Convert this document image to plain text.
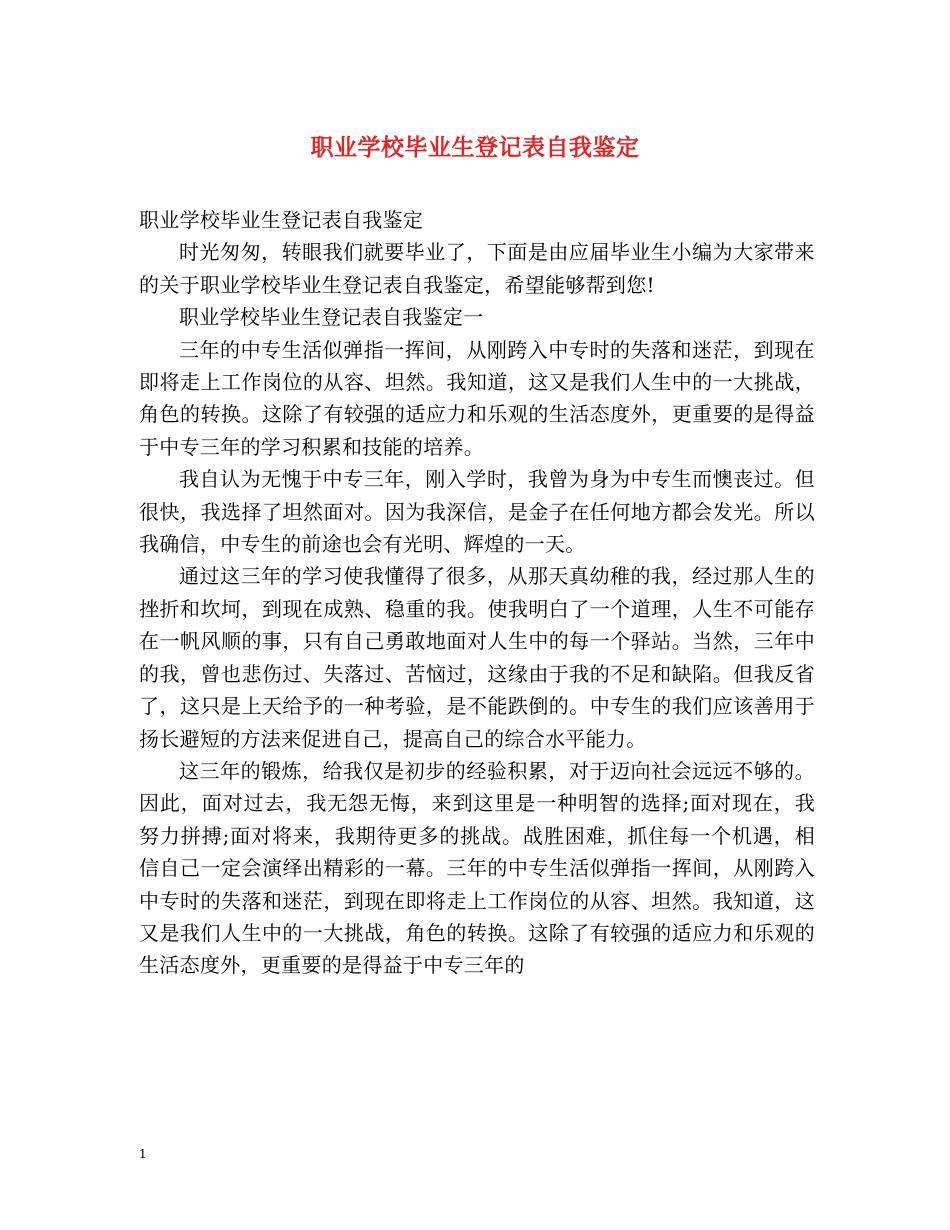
职业学校毕业生登记表自我鉴定

职业学校毕业生登记表自我鉴定

时光匆匆，转眼我们就要毕业了，下面是由应届毕业生小编为大家带来的关于职业学校毕业生登记表自我鉴定，希望能够帮到您!

职业学校毕业生登记表自我鉴定一

三年的中专生活似弹指一挥间，从刚跨入中专时的失落和迷茫，到现在即将走上工作岗位的从容、坦然。我知道，这又是我们人生中的一大挑战，角色的转换。这除了有较强的适应力和乐观的生活态度外，更重要的是得益于中专三年的学习积累和技能的培养。

我自认为无愧于中专三年，刚入学时，我曾为身为中专生而懊丧过。但很快，我选择了坦然面对。因为我深信，是金子在任何地方都会发光。所以我确信，中专生的前途也会有光明、辉煌的一天。

通过这三年的学习使我懂得了很多，从那天真幼稚的我，经过那人生的挫折和坎坷，到现在成熟、稳重的我。使我明白了一个道理，人生不可能存在一帆风顺的事，只有自己勇敢地面对人生中的每一个驿站。当然，三年中的我，曾也悲伤过、失落过、苦恼过，这缘由于我的不足和缺陷。但我反省了，这只是上天给予的一种考验，是不能跌倒的。中专生的我们应该善用于扬长避短的方法来促进自己，提高自己的综合水平能力。

这三年的锻炼，给我仅是初步的经验积累，对于迈向社会远远不够的。因此，面对过去，我无怨无悔，来到这里是一种明智的选择;面对现在，我努力拼搏;面对将来，我期待更多的挑战。战胜困难，抓住每一个机遇，相信自己一定会演绎出精彩的一幕。三年的中专生活似弹指一挥间，从刚跨入中专时的失落和迷茫，到现在即将走上工作岗位的从容、坦然。我知道，这又是我们人生中的一大挑战，角色的转换。这除了有较强的适应力和乐观的生活态度外，更重要的是得益于中专三年的

1
